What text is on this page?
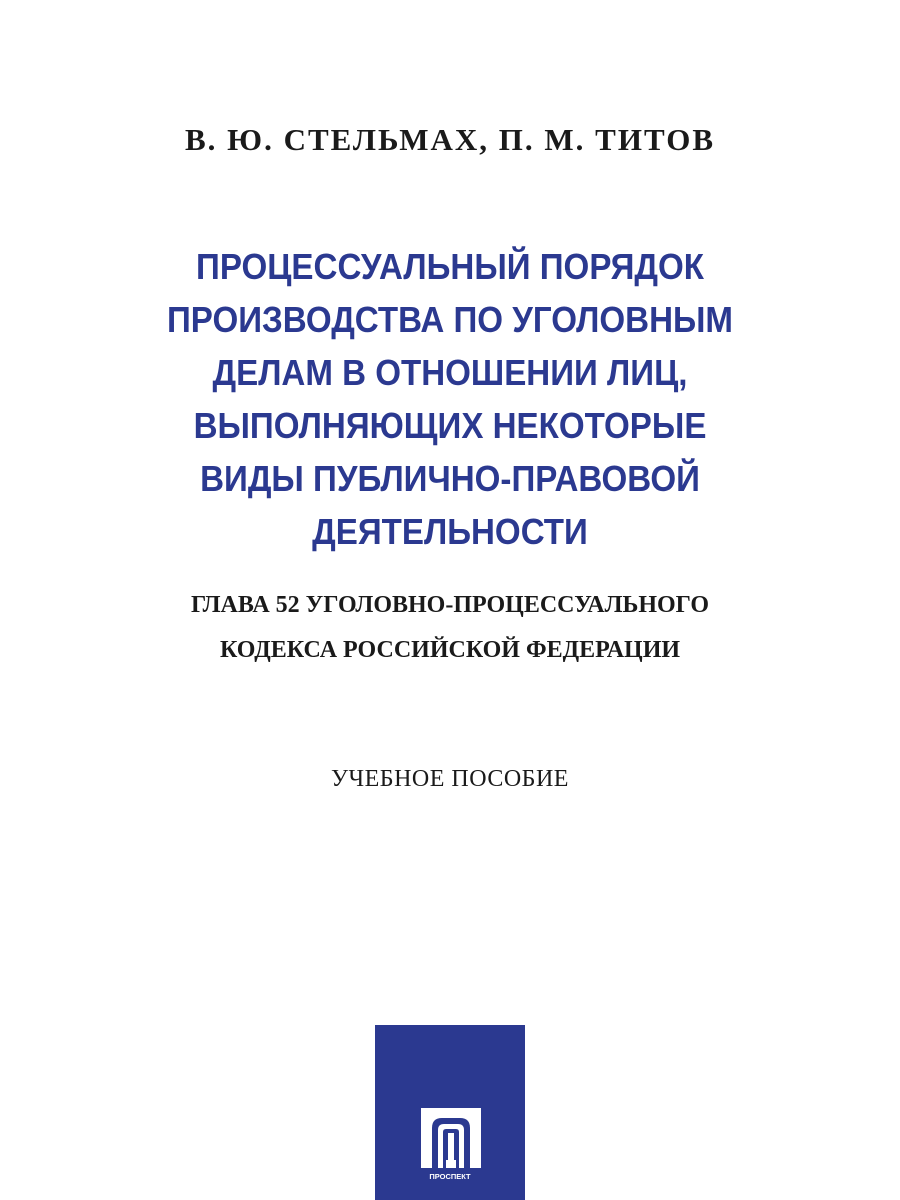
В. Ю. СТЕЛЬМАХ, П. М. ТИТОВ
ПРОЦЕССУАЛЬНЫЙ ПОРЯДОК
ПРОИЗВОДСТВА ПО УГОЛОВНЫМ
ДЕЛАМ В ОТНОШЕНИИ ЛИЦ,
ВЫПОЛНЯЮЩИХ НЕКОТОРЫЕ
ВИДЫ ПУБЛИЧНО-ПРАВОВОЙ
ДЕЯТЕЛЬНОСТИ
ГЛАВА 52 УГОЛОВНО-ПРОЦЕССУАЛЬНОГО
КОДЕКСА РОССИЙСКОЙ ФЕДЕРАЦИИ
УЧЕБНОЕ ПОСОБИЕ
ПРОСПЕКТ
